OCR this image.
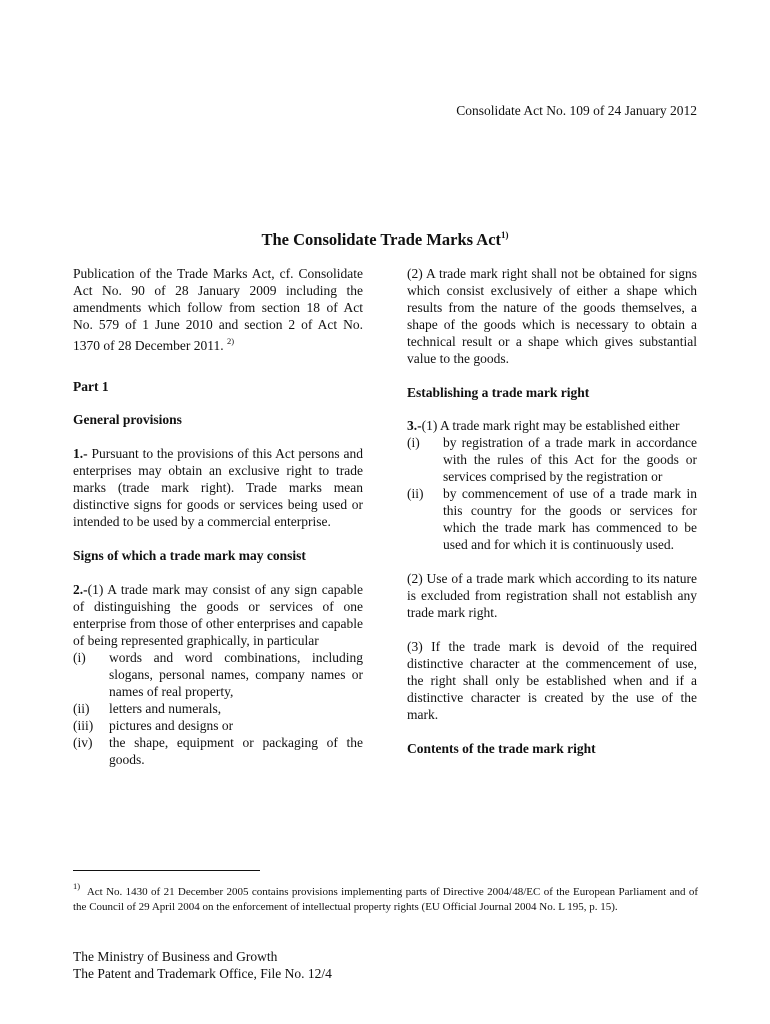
Consolidate Act No. 109 of 24 January 2012
The Consolidate Trade Marks Act$^{1)}$

Publication of the Trade Marks Act, cf. Consolidate Act No. 90 of 28 January 2009 including the amendments which follow from section 18 of Act No. 579 of 1 June 2010 and section 2 of Act No. 1370 of 28 December 2011. $^{2)}$

Part 1

General provisions

1.- Pursuant to the provisions of this Act persons and enterprises may obtain an exclusive right to trade marks (trade mark right). Trade marks mean distinctive signs for goods or services being used or intended to be used by a commercial enterprise.

Signs of which a trade mark may consist

2.-(1) A trade mark may consist of any sign capable of distinguishing the goods or services of one enterprise from those of other enterprises and capable of being represented graphically, in particular

(i)	words and word combinations, including slogans, personal names, company names or names of real property,
(ii)	letters and numerals,
(iii)	pictures and designs or
(iv)	the shape, equipment or packaging of the goods.

(2) A trade mark right shall not be obtained for signs which consist exclusively of either a shape which results from the nature of the goods themselves, a shape of the goods which is necessary to obtain a technical result or a shape which gives substantial value to the goods.

Establishing a trade mark right

3.-(1) A trade mark right may be established either

(i)	by registration of a trade mark in accordance with the rules of this Act for the goods or services comprised by the registration or
(ii)	by commencement of use of a trade mark in this country for the goods or services for which the trade mark has commenced to be used and for which it is continuously used.

(2) Use of a trade mark which according to its nature is excluded from registration shall not establish any trade mark right.

(3) If the trade mark is devoid of the required distinctive character at the commencement of use, the right shall only be established when and if a distinctive character is created by the use of the mark.

Contents of the trade mark right

$^{1)}$ Act No. 1430 of 21 December 2005 contains provisions implementing parts of Directive 2004/48/EC of the European Parliament and of the Council of 29 April 2004 on the enforcement of intellectual property rights (EU Official Journal 2004 No. L 195, p. 15).
The Ministry of Business and Growth
The Patent and Trademark Office, File No. 12/4
